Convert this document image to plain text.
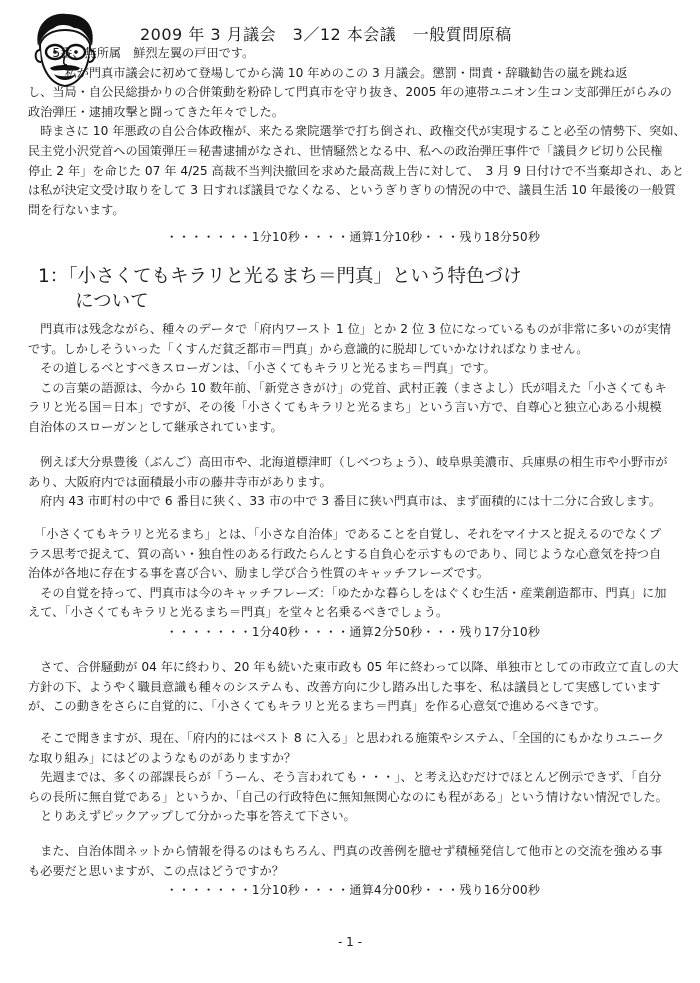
2009 年 3 月議会　3／12 本会議　一般質問原稿

　　5番、無所属　鮮烈左翼の戸田です。

　　　私が門真市議会に初めて登場してから満 10 年めのこの 3 月議会。懲罰・問責・辞職勧告の嵐を跳ね返

し、当局・自公民総掛かりの合併策動を粉砕して門真市を守り抜き、2005 年の連帯ユニオン生コン支部弾圧がらみの

政治弾圧・逮捕攻撃と闘ってきた年々でした。

　時まさに 10 年悪政の自公合体政権が、来たる衆院選挙で打ち倒され、政権交代が実現すること必至の情勢下、突如、

民主党小沢党首への国策弾圧＝秘書逮捕がなされ、世情騒然となる中、私への政治弾圧事件で「議員クビ切り公民権

停止 2 年」を命じた 07 年 4/25 高裁不当判決撤回を求めた最高裁上告に対して、　3 月 9 日付けで不当棄却され、あと

は私が決定文受け取りをして 3 日すれば議員でなくなる、というぎりぎりの情況の中で、議員生活 10 年最後の一般質

問を行ないます。

・・・・・・・1分10秒・・・・通算1分10秒・・・残り18分50秒

1：「小さくてもキラリと光るまち＝門真」という特色づけ

　　について

　門真市は残念ながら、種々のデータで「府内ワースト 1 位」とか 2 位 3 位になっているものが非常に多いのが実情

です。しかしそういった「くすんだ貧乏都市＝門真」から意識的に脱却していかなければなりません。

　その道しるべとすべきスローガンは、「小さくてもキラリと光るまち＝門真」です。

　この言葉の語源は、今から 10 数年前、「新党さきがけ」の党首、武村正義（まさよし）氏が唱えた「小さくてもキ

ラリと光る国＝日本」ですが、その後「小さくてもキラリと光るまち」という言い方で、自尊心と独立心ある小規模

自治体のスローガンとして継承されています。

　例えば大分県豊後（ぶんご）高田市や、北海道標津町（しべつちょう）、岐阜県美濃市、兵庫県の相生市や小野市が

あり、大阪府内では面積最小市の藤井寺市があります。

　府内 43 市町村の中で 6 番目に狭く、33 市の中で 3 番目に狭い門真市は、まず面積的には十二分に合致します。

　「小さくてもキラリと光るまち」とは、「小さな自治体」であることを自覚し、それをマイナスと捉えるのでなくプ

ラス思考で捉えて、質の高い・独自性のある行政たらんとする自負心を示すものであり、同じような心意気を持つ自

治体が各地に存在する事を喜び合い、励まし学び合う性質のキャッチフレーズです。

　その自覚を持って、門真市は今のキャッチフレーズ：「ゆたかな暮らしをはぐくむ生活・産業創造都市、門真」に加

えて、「小さくてもキラリと光るまち＝門真」を堂々と名乗るべきでしょう。

・・・・・・・1分40秒・・・・通算2分50秒・・・残り17分10秒

　さて、合併騒動が 04 年に終わり、20 年も続いた東市政も 05 年に終わって以降、単独市としての市政立て直しの大

方針の下、ようやく職員意識も種々のシステムも、改善方向に少し踏み出した事を、私は議員として実感しています

が、この動きをさらに自覚的に、「小さくてもキラリと光るまち＝門真」を作る心意気で進めるべきです。

　そこで聞きますが、現在、「府内的にはベスト 8 に入る」と思われる施策やシステム、「全国的にもかなりユニーク

な取り組み」にはどのようなものがありますか？

　先週までは、多くの部課長らが「うーん、そう言われても・・・」、と考え込むだけでほとんど例示できず、「自分

らの長所に無自覚である」というか、「自己の行政特色に無知無関心なのにも程がある」という情けない情況でした。

　とりあえずピックアップして分かった事を答えて下さい。

　また、自治体間ネットから情報を得るのはもちろん、門真の改善例を臆せず積極発信して他市との交流を強める事

も必要だと思いますが、この点はどうですか？

・・・・・・・1分10秒・・・・通算4分00秒・・・残り16分00秒

- 1 -
